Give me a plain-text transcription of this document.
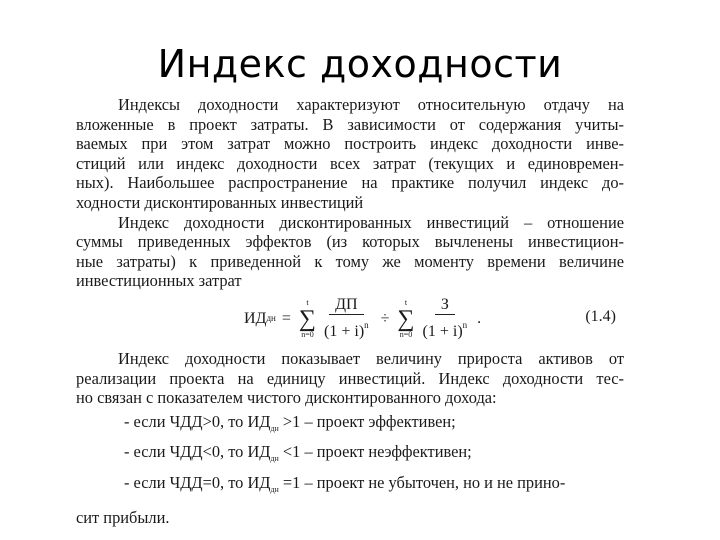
Индекс доходности
Индексы доходности характеризуют относительную отдачу на
вложенные в проект затраты. В зависимости от содержания учиты-
ваемых при этом затрат можно построить индекс доходности инве-
стиций или индекс доходности всех затрат (текущих и единовремен-
ных). Наибольшее распространение на практике получил индекс до-
ходности дисконтированных инвестиций
Индекс доходности дисконтированных инвестиций – отношение
суммы приведенных эффектов (из которых вычленены инвестицион-
ные затраты) к приведенной к тому же моменту времени величине
инвестиционных затрат
ИД дн =
t
∑
$n=0 \frac{ДП}{(1 + i)^n}$ ÷
t
∑
$n=0 \frac{З}{(1 + i)^n}$ .	(1.4)
Индекс доходности показывает величину прироста активов от
реализации проекта на единицу инвестиций. Индекс доходности тес-
но связан с показателем чистого дисконтированного дохода:
- если ЧДД>0, то $ИД_{дн} >1$ – проект эффективен;
- если ЧДД<0, то $ИД_{дн} <1$ – проект неэффективен;
- если ЧДД=0, то $ИД_{дн} =1$ – проект не убыточен, но и не прино-
сит прибыли.
